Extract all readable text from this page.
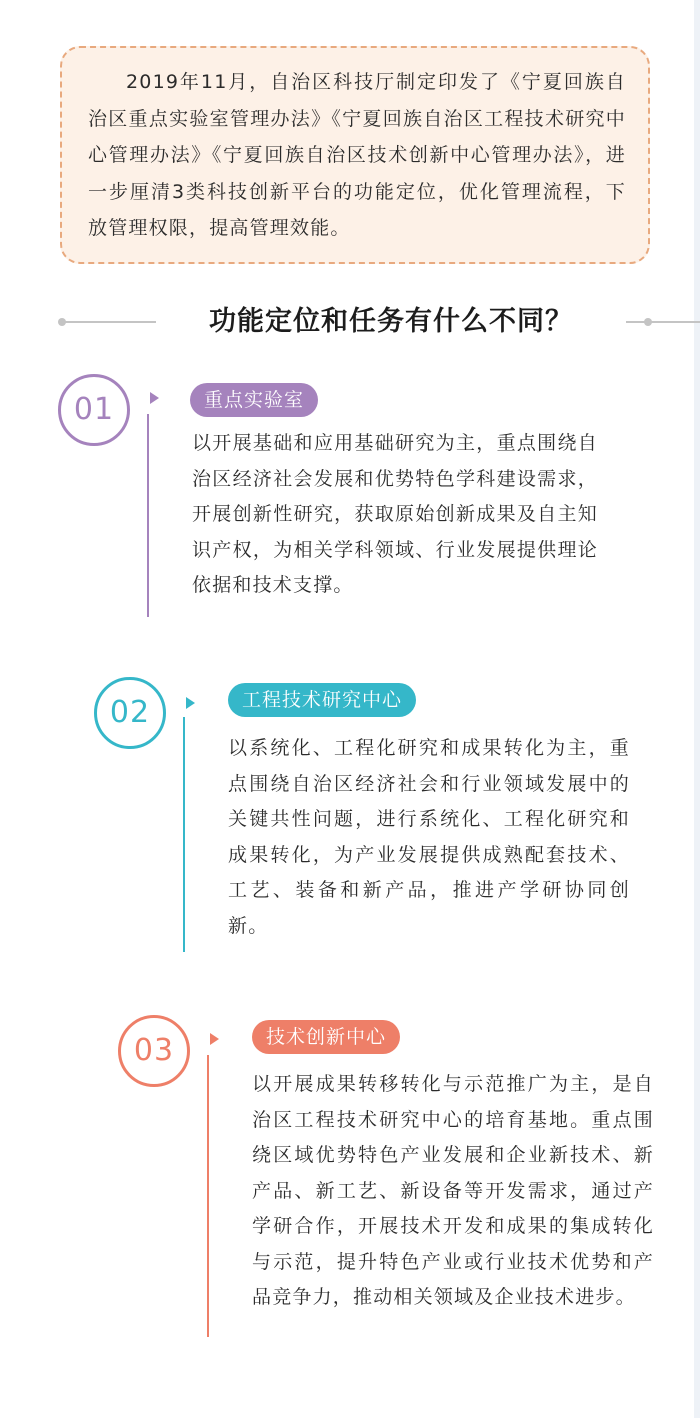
2019年11月，自治区科技厅制定印发了《宁夏回族自治区重点实验室管理办法》《宁夏回族自治区工程技术研究中心管理办法》《宁夏回族自治区技术创新中心管理办法》，进一步厘清3类科技创新平台的功能定位，优化管理流程，下放管理权限，提高管理效能。

功能定位和任务有什么不同？
01	重点实验室

以开展基础和应用基础研究为主，重点围绕自治区经济社会发展和优势特色学科建设需求，开展创新性研究，获取原始创新成果及自主知识产权，为相关学科领域、行业发展提供理论依据和技术支撑。

02	工程技术研究中心

以系统化、工程化研究和成果转化为主，重点围绕自治区经济社会和行业领域发展中的关键共性问题，进行系统化、工程化研究和成果转化，为产业发展提供成熟配套技术、工艺、装备和新产品，推进产学研协同创新。

03	技术创新中心

以开展成果转移转化与示范推广为主，是自治区工程技术研究中心的培育基地。重点围绕区域优势特色产业发展和企业新技术、新产品、新工艺、新设备等开发需求，通过产学研合作，开展技术开发和成果的集成转化与示范，提升特色产业或行业技术优势和产品竞争力，推动相关领域及企业技术进步。
